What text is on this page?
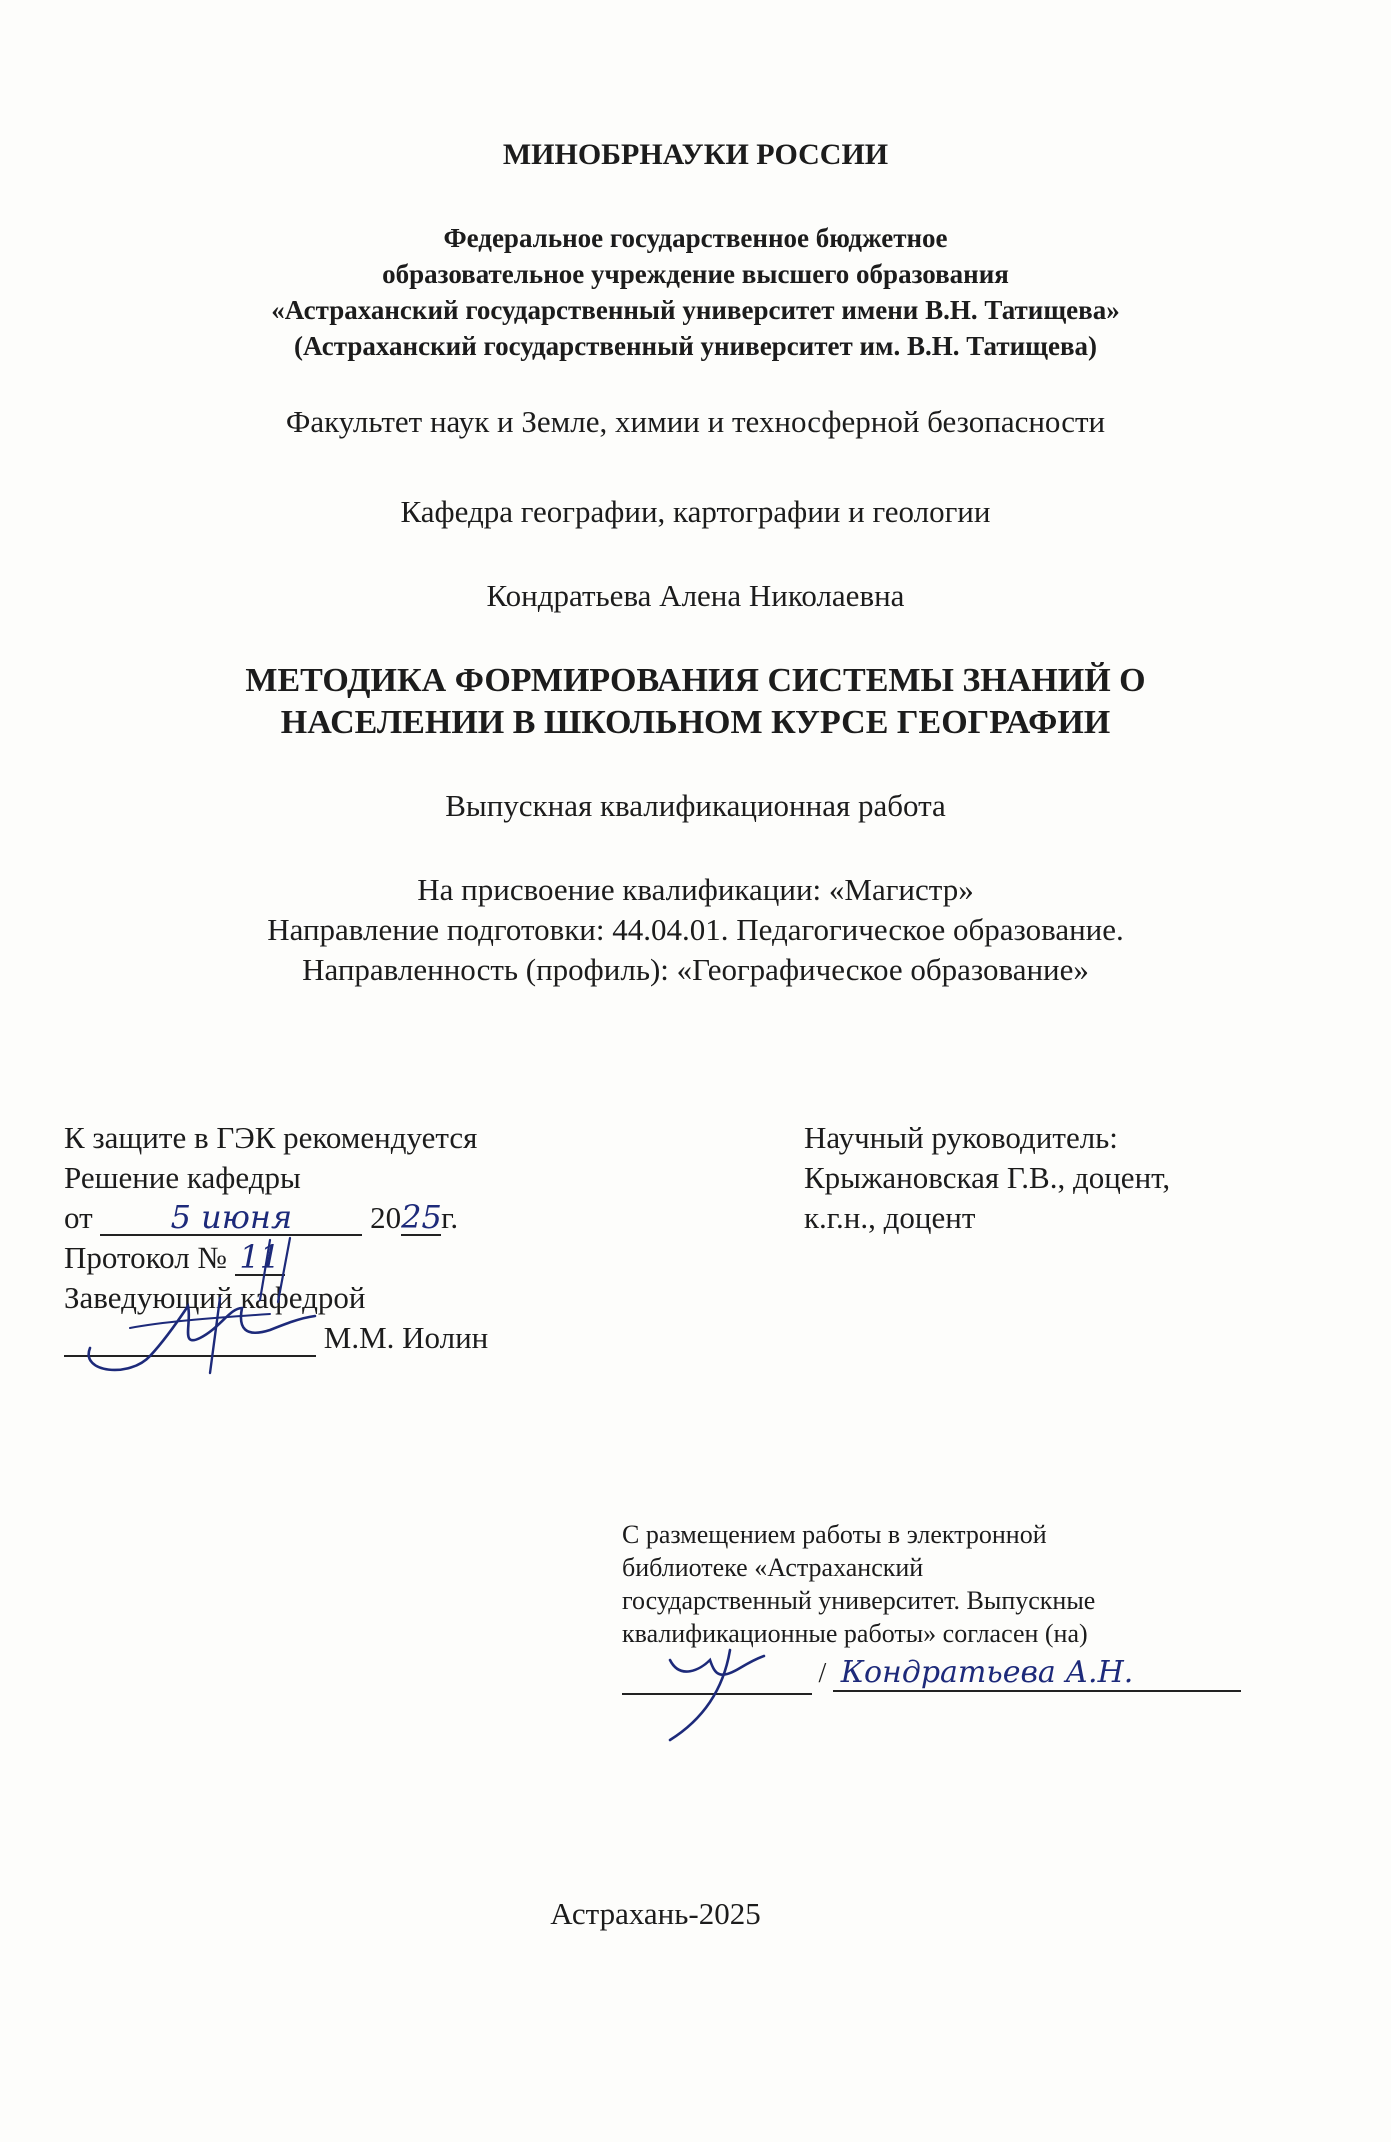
МИНОБРНАУКИ РОССИИ
Федеральное государственное бюджетное
образовательное учреждение высшего образования
«Астраханский государственный университет имени В.Н. Татищева»
(Астраханский государственный университет им. В.Н. Татищева)
Факультет наук и Земле, химии и техносферной безопасности
Кафедра географии, картографии и геологии
Кондратьева Алена Николаевна
МЕТОДИКА ФОРМИРОВАНИЯ СИСТЕМЫ ЗНАНИЙ О
НАСЕЛЕНИИ В ШКОЛЬНОМ КУРСЕ ГЕОГРАФИИ
Выпускная квалификационная работа
На присвоение квалификации: «Магистр»
Направление подготовки: 44.04.01. Педагогическое образование.
Направленность (профиль): «Географическое образование»
К защите в ГЭК рекомендуется
Решение кафедры
от 5 июня	2025г.
Протокол № 11
Заведующий кафедрой
М.М. Иолин
Научный руководитель:
Крыжановская Г.В., доцент,
к.г.н., доцент
С размещением работы в электронной
библиотеке «Астраханский
государственный университет. Выпускные
квалификационные работы» согласен (на)
/ Кондратьева А.Н.
Астрахань-2025
